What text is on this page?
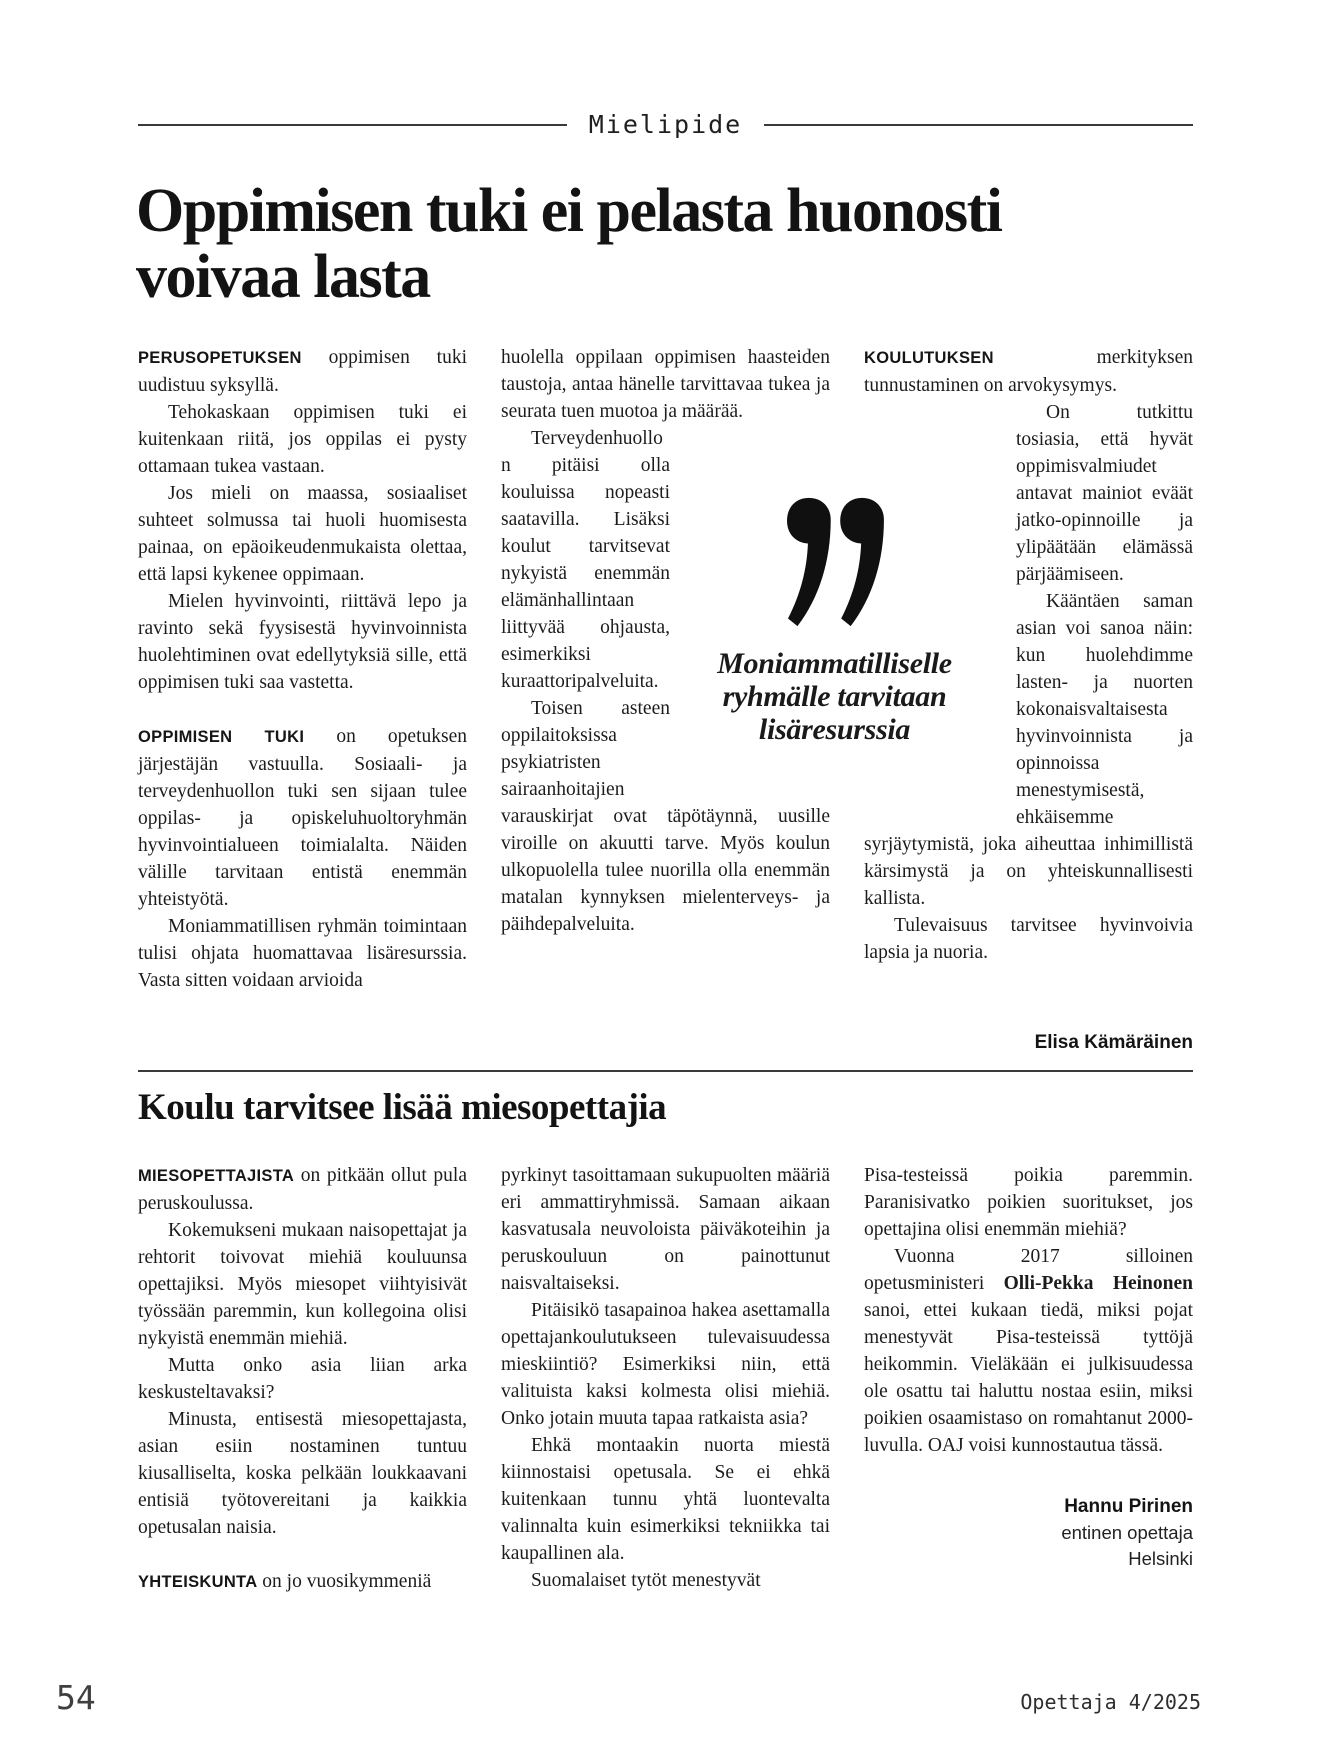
Mielipide
Oppimisen tuki ei pelasta huonosti
voivaa lasta

PERUSOPETUKSEN oppimisen tuki uudistuu syksyllä.

Tehokaskaan oppimisen tuki ei kuitenkaan riitä, jos oppilas ei pysty ottamaan tukea vastaan.

Jos mieli on maassa, sosiaaliset suhteet solmussa tai huoli huomisesta painaa, on epäoikeudenmukaista olettaa, että lapsi kykenee oppimaan.

Mielen hyvinvointi, riittävä lepo ja ravinto sekä fyysisestä hyvinvoinnista huolehtiminen ovat edellytyksiä sille, että oppimisen tuki saa vastetta.

OPPIMISEN TUKI on opetuksen järjestäjän vastuulla. Sosiaali- ja terveydenhuollon tuki sen sijaan tulee oppilas- ja opiskeluhuoltoryhmän hyvinvointialueen toimialalta. Näiden välille tarvitaan entistä enemmän yhteistyötä.

Moniammatillisen ryhmän toimintaan tulisi ohjata huomattavaa lisäresurssia. Vasta sitten voidaan arvioida

huolella oppilaan oppimisen haasteiden taustoja, antaa hänelle tarvittavaa tukea ja seurata tuen muotoa ja määrää.

Terveydenhuollon pitäisi olla kouluissa nopeasti saatavilla. Lisäksi koulut tarvitsevat nykyistä enemmän elämänhallintaan liittyvää ohjausta, esimerkiksi kuraattoripalveluita.

Toisen asteen oppilaitoksissa psykiatristen sairaanhoitajien varauskirjat ovat täpötäynnä, uusille viroille on akuutti tarve. Myös koulun ulkopuolella tulee nuorilla olla enemmän matalan kynnyksen mielenterveys- ja päihdepalveluita.

KOULUTUKSEN	merkityksen tunnustaminen on arvokysymys.

On tutkittu tosiasia, että hyvät oppimisvalmiudet antavat mainiot eväät jatko-opinnoille ja ylipäätään elämässä pärjäämiseen.

Kääntäen saman asian voi sanoa näin: kun huolehdimme lasten- ja nuorten kokonaisvaltaisesta hyvinvoinnista ja opinnoissa menestymisestä, ehkäisemme syrjäytymistä, joka aiheuttaa inhimillistä kärsimystä ja on yhteiskunnallisesti kallista.

Tulevaisuus tarvitsee hyvinvoivia lapsia ja nuoria.

Elisa Kämäräinen

Moniammatilliselle ryhmälle tarvitaan lisäresurssia
Koulu tarvitsee lisää miesopettajia

MIESOPETTAJISTA on pitkään ollut pula peruskoulussa.

Kokemukseni mukaan naisopettajat ja rehtorit toivovat miehiä kouluunsa opettajiksi. Myös miesopet viihtyisivät työssään paremmin, kun kollegoina olisi nykyistä enemmän miehiä.

Mutta onko asia liian arka keskusteltavaksi?

Minusta, entisestä miesopettajasta, asian esiin nostaminen tuntuu kiusalliselta, koska pelkään loukkaavani entisiä työtovereitani ja kaikkia opetusalan naisia.

YHTEISKUNTA on jo vuosikymmeniä

pyrkinyt tasoittamaan sukupuolten määriä eri ammattiryhmissä. Samaan aikaan kasvatusala neuvoloista päiväkoteihin ja peruskouluun on painottunut naisvaltaiseksi.

Pitäisikö tasapainoa hakea asettamalla opettajankoulutukseen tulevaisuudessa mieskiintiö? Esimerkiksi niin, että valituista kaksi kolmesta olisi miehiä. Onko jotain muuta tapaa ratkaista asia?

Ehkä montaakin nuorta miestä kiinnostaisi opetusala. Se ei ehkä kuitenkaan tunnu yhtä luontevalta valinnalta kuin esimerkiksi tekniikka tai kaupallinen ala.

Suomalaiset tytöt menestyvät

Pisa-testeissä poikia paremmin. Paranisivatko poikien suoritukset, jos opettajina olisi enemmän miehiä?

Vuonna 2017 silloinen opetusministeri Olli-Pekka Heinonen sanoi, ettei kukaan tiedä, miksi pojat menestyvät Pisa-testeissä tyttöjä heikommin. Vieläkään ei julkisuudessa ole osattu tai haluttu nostaa esiin, miksi poikien osaamistaso on romahtanut 2000-luvulla. OAJ voisi kunnostautua tässä.

Hannu Pirinen
entinen opettaja
Helsinki
54	Opettaja 4/2025
